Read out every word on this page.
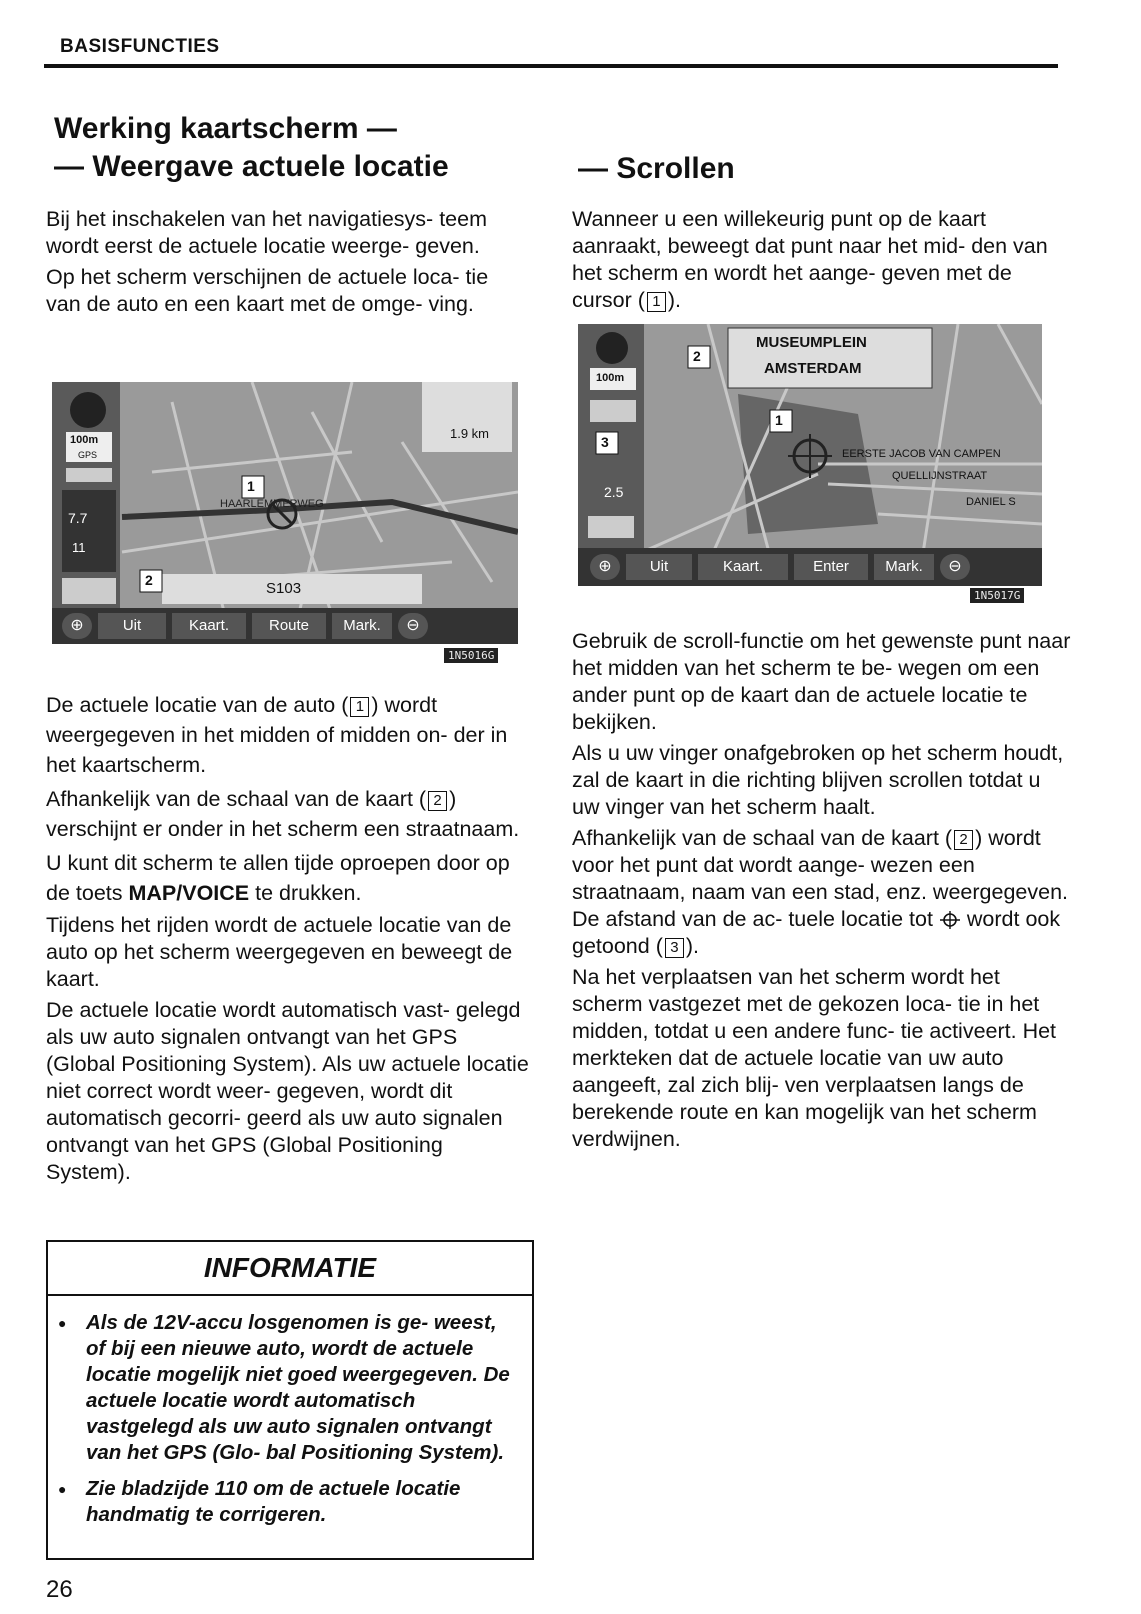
BASISFUNCTIES
Werking kaartscherm —
— Weergave actuele locatie

Bij het inschakelen van het navigatiesys- teem wordt eerst de actuele locatie weerge- geven.

Op het scherm verschijnen de actuele loca- tie van de auto en een kaart met de omge- ving.

100m
GPS
7.7
11
1.9 km
HAARLEMMERWEG
S103
1
2
⊕	Uit	Kaart.	Route	Mark.	⊖
1N5016G

De actuele locatie van de auto ( 1 ) wordt weergegeven in het midden of midden on- der in het kaartscherm.

Afhankelijk van de schaal van de kaart ( 2 ) verschijnt er onder in het scherm een straatnaam.

U kunt dit scherm te allen tijde oproepen door op de toets MAP/VOICE te drukken.

Tijdens het rijden wordt de actuele locatie van de auto op het scherm weergegeven en beweegt de kaart.

De actuele locatie wordt automatisch vast- gelegd als uw auto signalen ontvangt van het GPS (Global Positioning System). Als uw actuele locatie niet correct wordt weer- gegeven, wordt dit automatisch gecorri- geerd als uw auto signalen ontvangt van het GPS (Global Positioning System).

INFORMATIE
● Als de 12V-accu losgenomen is ge- weest, of bij een nieuwe auto, wordt de actuele locatie mogelijk niet goed weergegeven. De actuele locatie wordt automatisch vastgelegd als uw auto signalen ontvangt van het GPS (Glo- bal Positioning System).
● Zie bladzijde 110 om de actuele locatie handmatig te corrigeren.
26
— Scrollen

Wanneer u een willekeurig punt op de kaart aanraakt, beweegt dat punt naar het mid- den van het scherm en wordt het aange- geven met de cursor ( 1 ).

MUSEUMPLEIN
AMSTERDAM
100m
2.5
EERSTE JACOB VAN CAMPEN
QUELLIJNSTRAAT
DANIEL S
2
1
3
⊕	Uit	Kaart.	Enter	Mark.	⊖
1N5017G

Gebruik de scroll-functie om het gewenste punt naar het midden van het scherm te be- wegen om een ander punt op de kaart dan de actuele locatie te bekijken.

Als u uw vinger onafgebroken op het scherm houdt, zal de kaart in die richting blijven scrollen totdat u uw vinger van het scherm haalt.

Afhankelijk van de schaal van de kaart ( 2 ) wordt voor het punt dat wordt aange- wezen een straatnaam, naam van een stad, enz. weergegeven. De afstand van de ac- tuele locatie tot  wordt ook getoond ( 3 ).

Na het verplaatsen van het scherm wordt het scherm vastgezet met de gekozen loca- tie in het midden, totdat u een andere func- tie activeert. Het merkteken dat de actuele locatie van uw auto aangeeft, zal zich blij- ven verplaatsen langs de berekende route en kan mogelijk van het scherm verdwijnen.
